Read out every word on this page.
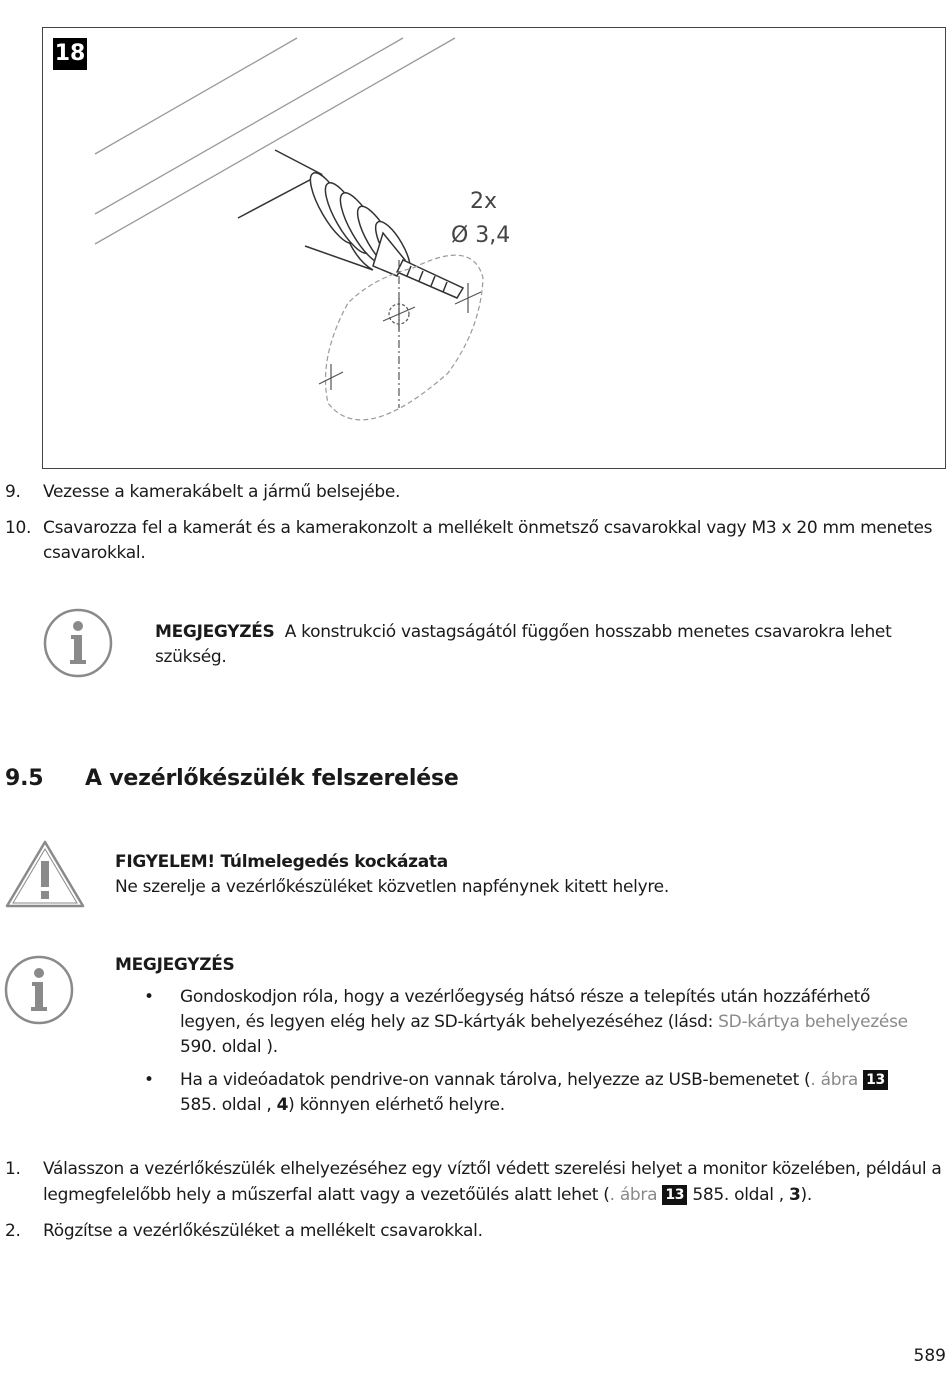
2x
Ø 3,4
18
9. Vezesse a kamerakábelt a jármű belsejébe.
10. Csavarozza fel a kamerát és a kamerakonzolt a mellékelt önmetsző csavarokkal vagy M3 x 20 mm menetes
csavarokkal.
MEGJEGYZÉS A konstrukció vastagságától függően hosszabb menetes csavarokra lehet
szükség.
9.5 A vezérlőkészülék felszerelése
FIGYELEM! Túlmelegedés kockázata
Ne szerelje a vezérlőkészüléket közvetlen napfénynek kitett helyre.
MEGJEGYZÉS
• Gondoskodjon róla, hogy a vezérlőegység hátsó része a telepítés után hozzáférhető
legyen, és legyen elég hely az SD-kártyák behelyezéséhez (lásd: SD-kártya behelyezése
590. oldal ).
• Ha a videóadatok pendrive-on vannak tárolva, helyezze az USB-bemenetet (. ábra 13
585. oldal , 4) könnyen elérhető helyre.
1. Válasszon a vezérlőkészülék elhelyezéséhez egy víztől védett szerelési helyet a monitor közelében, például a
legmegfelelőbb hely a műszerfal alatt vagy a vezetőülés alatt lehet (. ábra 13 585. oldal , 3).
2. Rögzítse a vezérlőkészüléket a mellékelt csavarokkal.
589
